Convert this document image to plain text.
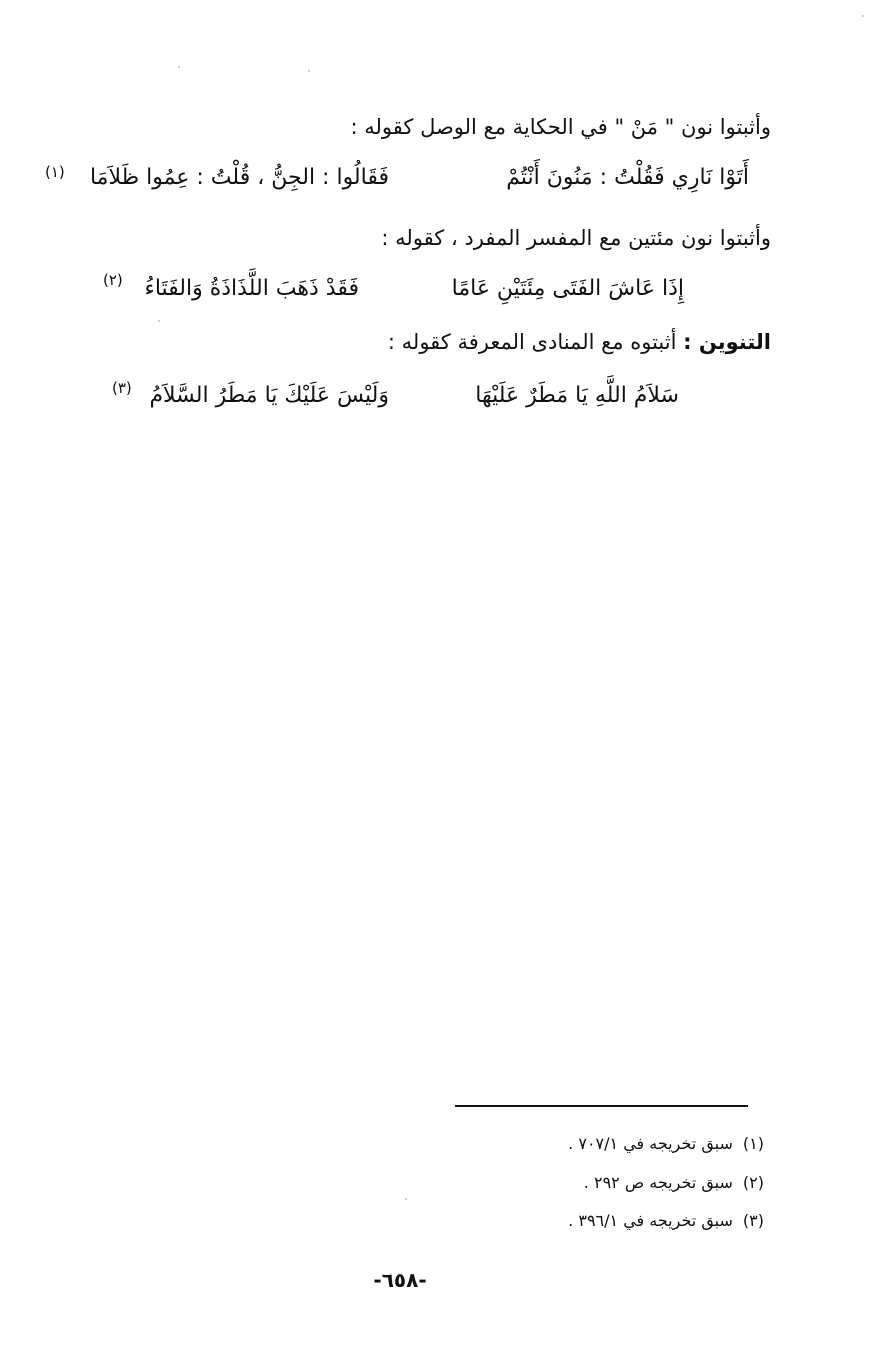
وأثبتوا نون " مَنْ " في الحكاية مع الوصل كقوله :
أَتَوْا نَارِي فَقُلْتُ : مَنُونَ أَنْتُمْ
فَقَالُوا : الجِنُّ ، قُلْتُ : عِمُوا ظَلاَمَا
(١)
وأثبتوا نون مئتين مع المفسر المفرد ، كقوله :
إِذَا عَاشَ الفَتَى مِئَتَيْنِ عَامًا
فَقَدْ ذَهَبَ اللَّذَاذَةُ وَالفَتَاءُ
(٢)
التنوين : أثبتوه مع المنادى المعرفة كقوله :
سَلاَمُ اللَّهِ يَا مَطَرٌ عَلَيْهَا
وَلَيْسَ عَلَيْكَ يَا مَطَرُ السَّلاَمُ
(٣)
(١)سبق تخريجه في ٧٠٧/١ .
(٢)سبق تخريجه ص ٢٩٢ .
(٣)سبق تخريجه في ٣٩٦/١ .
-٦٥٨-
